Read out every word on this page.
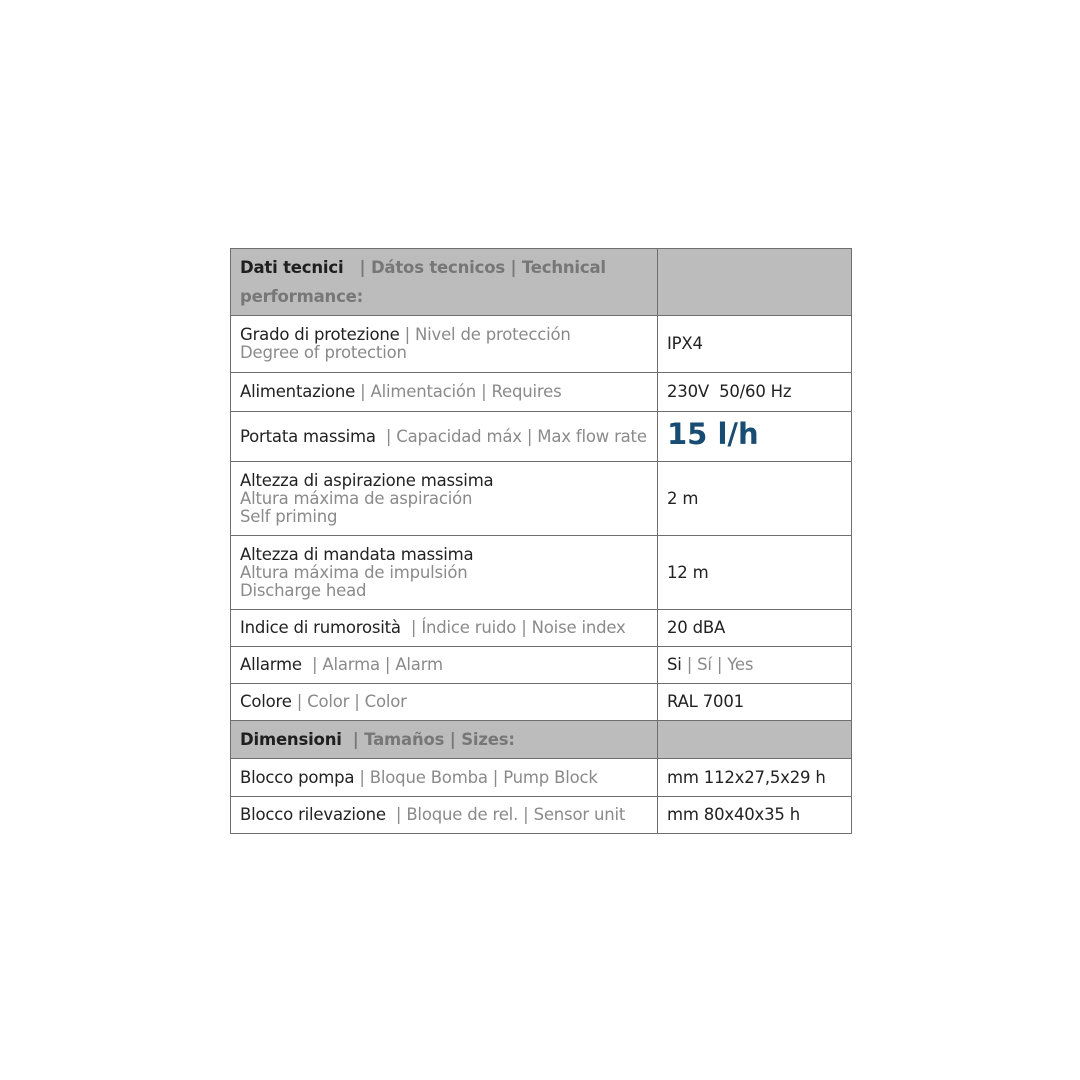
Dati tecnici   | Dátos tecnicos | Technical
performance:	

Grado di protezione | Nivel de protección
Degree of protection	IPX4
Alimentazione | Alimentación | Requires	230V  50/60 Hz
Portata massima  | Capacidad máx | Max flow rate	15 l/h

Altezza di aspirazione massima
Altura máxima de aspiración
Self priming	2 m

Altezza di mandata massima
Altura máxima de impulsión
Discharge head	12 m
Indice di rumorosità  | Índice ruido | Noise index	20 dBA
Allarme  | Alarma | Alarm	Si | Sí | Yes
Colore | Color | Color	RAL 7001
Dimensioni  | Tamaños | Sizes:	
Blocco pompa | Bloque Bomba | Pump Block	mm 112x27,5x29 h
Blocco rilevazione  | Bloque de rel. | Sensor unit	mm 80x40x35 h
